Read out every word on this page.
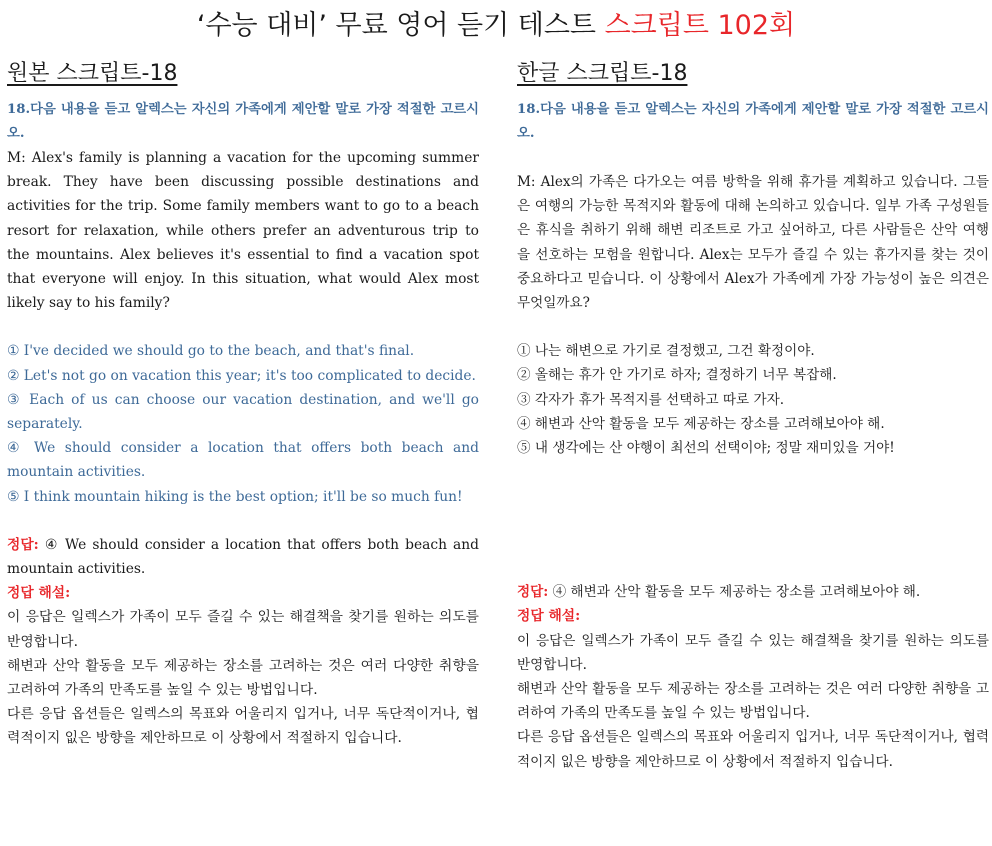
‘수능 대비’ 무료 영어 듣기 테스트 스크립트 102회
원본 스크립트-18
18.다음 내용을 듣고 알렉스는 자신의 가족에게 제안할 말로 가장 적절한 고르시오.
M: Alex's family is planning a vacation for the upcoming summer break. They have been discussing possible destinations and activities for the trip. Some family members want to go to a beach resort for relaxation, while others prefer an adventurous trip to the mountains. Alex believes it's essential to find a vacation spot that everyone will enjoy. In this situation, what would Alex most likely say to his family?
① I've decided we should go to the beach, and that's final.
② Let's not go on vacation this year; it's too complicated to decide.
③ Each of us can choose our vacation destination, and we'll go separately.
④ We should consider a location that offers both beach and mountain activities.
⑤ I think mountain hiking is the best option; it'll be so much fun!
정답: ④ We should consider a location that offers both beach and mountain activities.
정답 해설:
이 응답은 일렉스가 가족이 모두 즐길 수 있는 해결책을 찾기를 원하는 의도를 반영합니다.
해변과 산악 활동을 모두 제공하는 장소를 고려하는 것은 여러 다양한 취향을 고려하여 가족의 만족도를 높일 수 있는 방법입니다.
다른 응답 옵션들은 일렉스의 목표와 어울리지 입거나, 너무 독단적이거나, 협력적이지 잆은 방향을 제안하므로 이 상황에서 적절하지 입습니다.
한글 스크립트-18
18.다음 내용을 듣고 알렉스는 자신의 가족에게 제안할 말로 가장 적절한 고르시오.
M: Alex의 가족은 다가오는 여름 방학을 위해 휴가를 계획하고 있습니다. 그들은 여행의 가능한 목적지와 활동에 대해 논의하고 있습니다. 일부 가족 구성원들은 휴식을 취하기 위해 해변 리조트로 가고 싶어하고, 다른 사람들은 산악 여행을 선호하는 모험을 원합니다. Alex는 모두가 즐길 수 있는 휴가지를 찾는 것이 중요하다고 믿습니다. 이 상황에서 Alex가 가족에게 가장 가능성이 높은 의견은 무엇일까요?
① 나는 해변으로 가기로 결정했고, 그건 확정이야.
② 올해는 휴가 안 가기로 하자; 결정하기 너무 복잡해.
③ 각자가 휴가 목적지를 선택하고 따로 가자.
④ 해변과 산악 활동을 모두 제공하는 장소를 고려해보아야 해.
⑤ 내 생각에는 산 야행이 최선의 선택이야; 정말 재미있을 거야!
정답: ④ 해변과 산악 활동을 모두 제공하는 장소를 고려해보아야 해.
정답 해설:
이 응답은 일렉스가 가족이 모두 즐길 수 있는 해결책을 찾기를 원하는 의도를 반영합니다.
해변과 산악 활동을 모두 제공하는 장소를 고려하는 것은 여러 다양한 취향을 고려하여 가족의 만족도를 높일 수 있는 방법입니다.
다른 응답 옵션들은 일렉스의 목표와 어울리지 입거나, 너무 독단적이거나, 협력적이지 잆은 방향을 제안하므로 이 상황에서 적절하지 입습니다.
